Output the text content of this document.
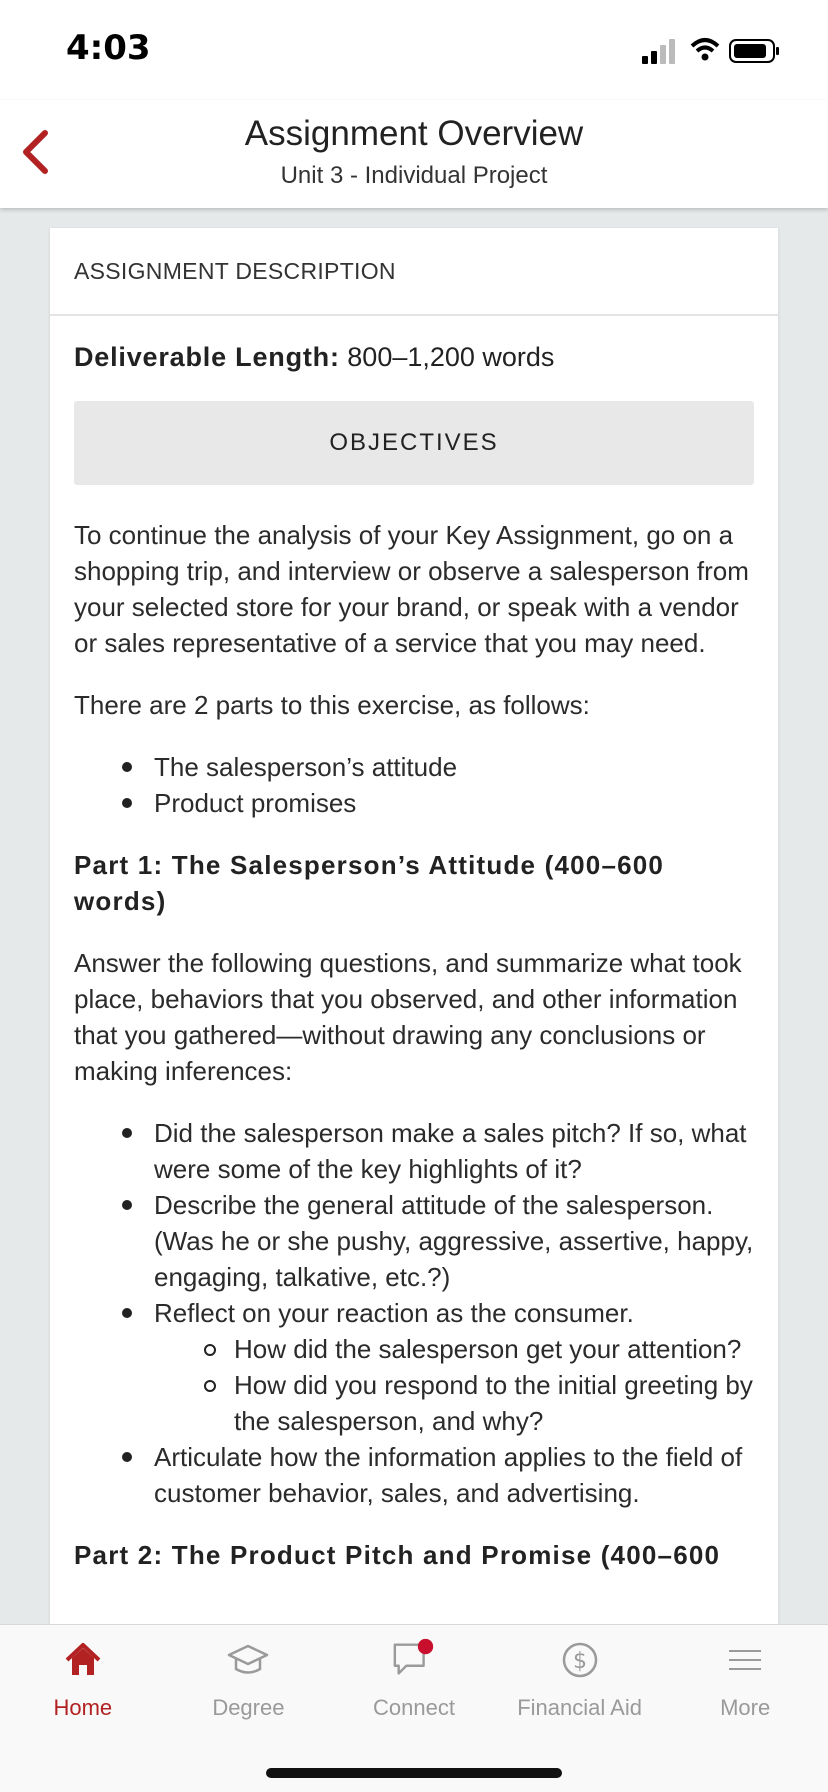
4:03
Assignment Overview
Unit 3 - Individual Project
ASSIGNMENT DESCRIPTION
Deliverable Length: 800–1,200 words
OBJECTIVES

To continue the analysis of your Key Assignment, go on a shopping trip, and interview or observe a salesperson from your selected store for your brand, or speak with a vendor or sales representative of a service that you may need.

There are 2 parts to this exercise, as follows:

The salesperson’s attitude
Product promises

Part 1: The Salesperson’s Attitude (400–600 words)

Answer the following questions, and summarize what took place, behaviors that you observed, and other information that you gathered—without drawing any conclusions or making inferences:

Did the salesperson make a sales pitch? If so, what were some of the key highlights of it?
Describe the general attitude of the salesperson. (Was he or she pushy, aggressive, assertive, happy, engaging, talkative, etc.?)
Reflect on your reaction as the consumer.
How did the salesperson get your attention?
How did you respond to the initial greeting by the salesperson, and why?
Articulate how the information applies to the field of customer behavior, sales, and advertising.

Part 2: The Product Pitch and Promise (400–600

Home	Degree	Connect
$
Financial Aid	More
